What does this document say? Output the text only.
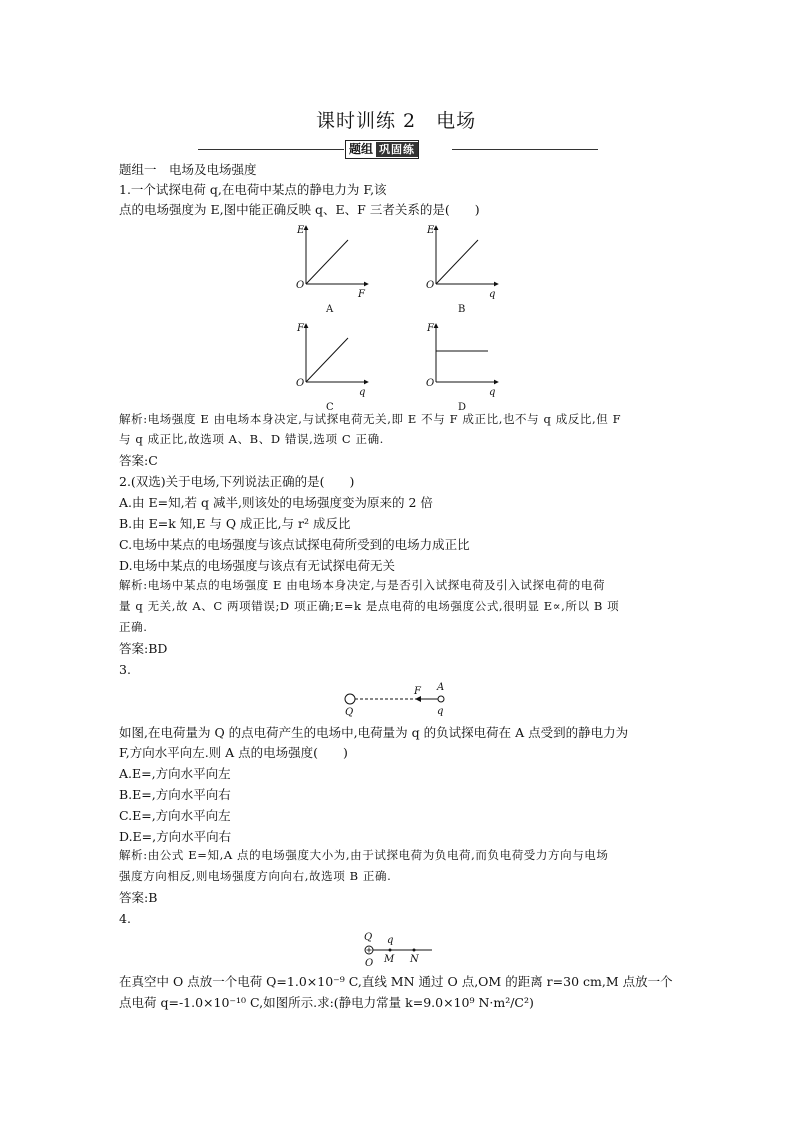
课时训练 2　电场
题组 巩固练
题组一　电场及电场强度
1.一个试探电荷 q,在电荷中某点的静电力为 F,该
点的电场强度为 E,图中能正确反映 q、E、F 三者关系的是(　　)
E
O
F
A
E
O
q
B
F
O
q
C
F
O
q
D
解析:电场强度 E 由电场本身决定,与试探电荷无关,即 E 不与 F 成正比,也不与 q 成反比,但 F
与 q 成正比,故选项 A、B、D 错误,选项 C 正确.
答案:C
2.(双选)关于电场,下列说法正确的是(　　)
A.由 E=知,若 q 减半,则该处的电场强度变为原来的 2 倍
B.由 E=k 知,E 与 Q 成正比,与 r² 成反比
C.电场中某点的电场强度与该点试探电荷所受到的电场力成正比
D.电场中某点的电场强度与该点有无试探电荷无关
解析:电场中某点的电场强度 E 由电场本身决定,与是否引入试探电荷及引入试探电荷的电荷
量 q 无关,故 A、C 两项错误;D 项正确;E=k 是点电荷的电场强度公式,很明显 E∝,所以 B 项
正确.
答案:BD
3.
Q
F A
q
如图,在电荷量为 Q 的点电荷产生的电场中,电荷量为 q 的负试探电荷在 A 点受到的静电力为
F,方向水平向左.则 A 点的电场强度(　　)
A.E=,方向水平向左
B.E=,方向水平向右
C.E=,方向水平向左
D.E=,方向水平向右
解析:由公式 E=知,A 点的电场强度大小为,由于试探电荷为负电荷,而负电荷受力方向与电场
强度方向相反,则电场强度方向向右,故选项 B 正确.
答案:B
4.
Q q
O M N
在真空中 O 点放一个电荷 Q=1.0×10⁻⁹ C,直线 MN 通过 O 点,OM 的距离 r=30 cm,M 点放一个
点电荷 q=-1.0×10⁻¹⁰ C,如图所示.求:(静电力常量 k=9.0×10⁹ N·m²/C²)
